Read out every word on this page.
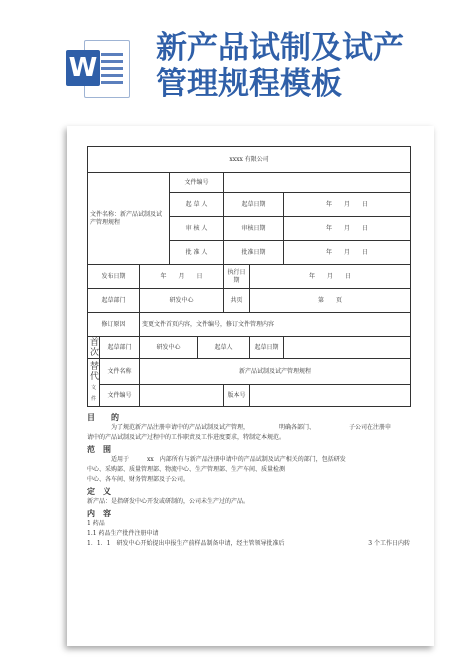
W
新产品试制及试产
管理规程模板
xxxx 有限公司							
文件名称：新产品试制及试产管理规程			文件编号				
			起 草 人		起草日期		年　　月　　日
			审 核 人		审核日期		年　　月　　日
			批 准 人		批准日期		年　　月　　日
发布日期		年　　月　　日			执行日期	年　　月　　日	
起草部门		研发中心			共页	第　　页	
修订原因		变更文件首页内容，文件编号，修订文件管理内容					
首次	起草部门	研发中心		起草人		起草日期	
替代
文件	文件名称	新产品试制及试产管理规程					
	文件编号				版本号		
目　　的
为了规范新产品注册申请中的产品试制及试产管理，	明确各部门、	子公司在注册申
请中的产品试制及试产过程中的工作职责及工作进度要求，特制定本规范。
范　围
适用于　　　xx　内部所有与新产品注册申请中的产品试制及试产相关的部门，包括研发
中心、采购部、质量管理部、物流中心、生产管理部、生产车间、质量检测
中心、各车间、财务管理部及子公司。
定　义
新产品：是指研发中心开发或研制的，公司未生产过的产品。
内　容
1 药品
1.1 药品生产批件注册申请
1．1．1　研发中心开始提出申报生产前样品制备申请，经主管领导批准后	3 个工作日内转
